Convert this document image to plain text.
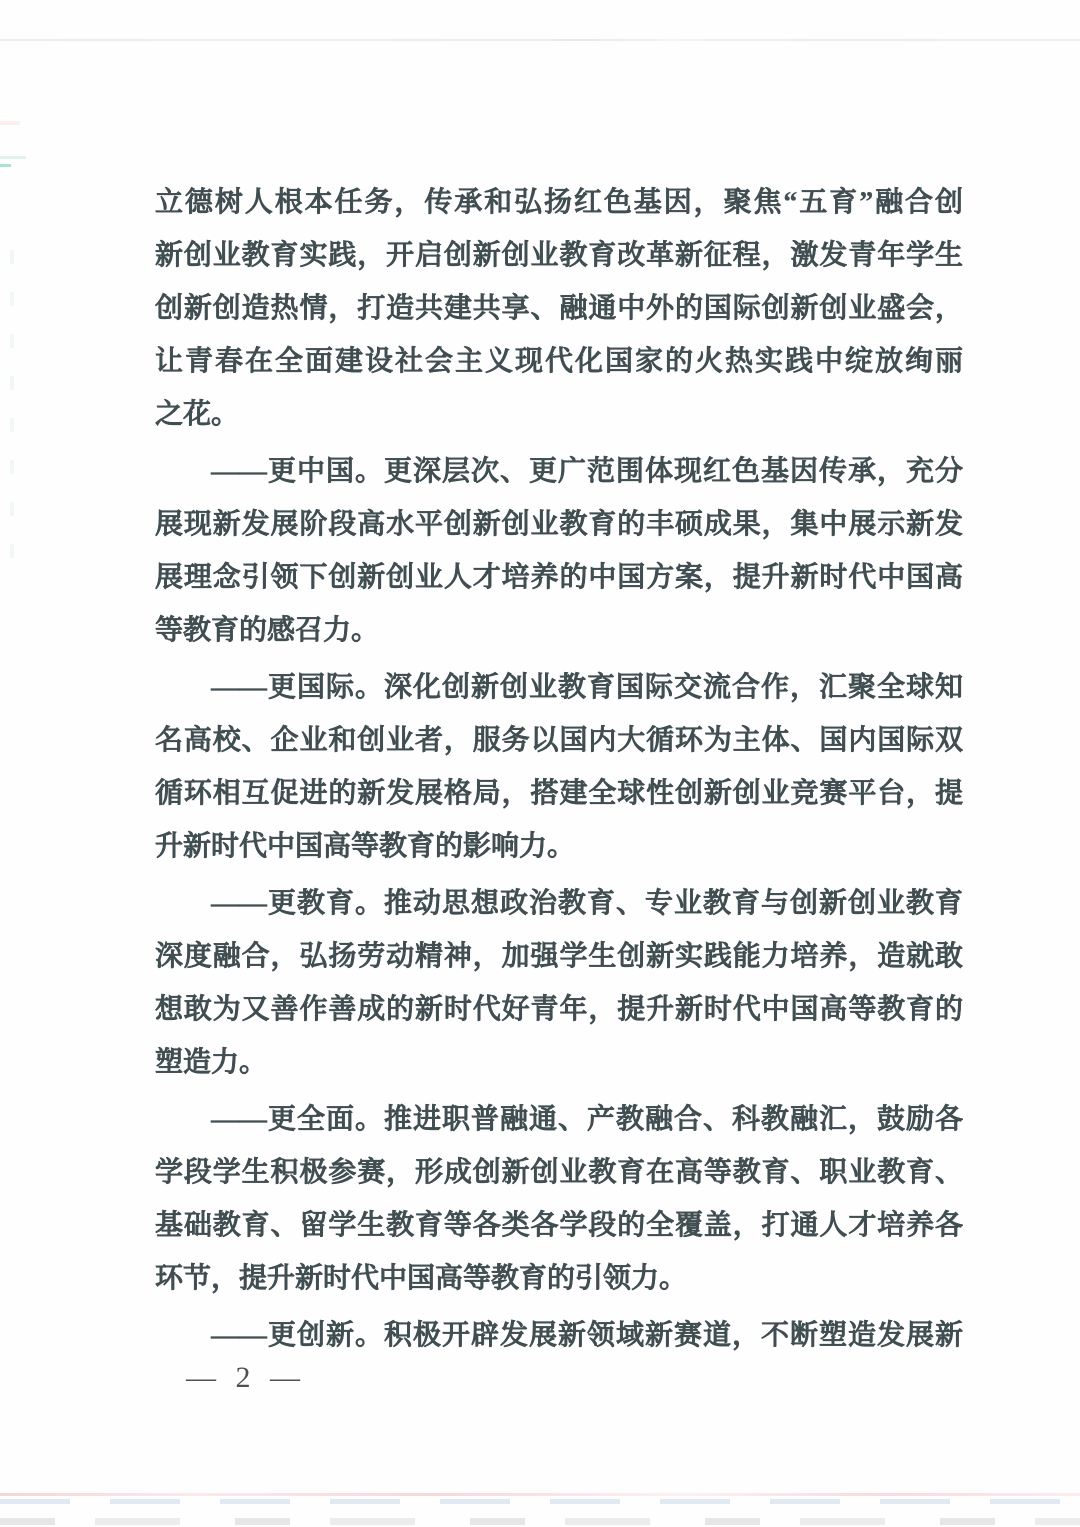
立德树人根本任务，传承和弘扬红色基因，聚焦“五育”融合创
新创业教育实践，开启创新创业教育改革新征程，激发青年学生
创新创造热情，打造共建共享、融通中外的国际创新创业盛会，
让青春在全面建设社会主义现代化国家的火热实践中绽放绚丽
之花。
——更中国。更深层次、更广范围体现红色基因传承，充分
展现新发展阶段高水平创新创业教育的丰硕成果，集中展示新发
展理念引领下创新创业人才培养的中国方案，提升新时代中国高
等教育的感召力。
——更国际。深化创新创业教育国际交流合作，汇聚全球知
名高校、企业和创业者，服务以国内大循环为主体、国内国际双
循环相互促进的新发展格局，搭建全球性创新创业竞赛平台，提
升新时代中国高等教育的影响力。
——更教育。推动思想政治教育、专业教育与创新创业教育
深度融合，弘扬劳动精神，加强学生创新实践能力培养，造就敢
想敢为又善作善成的新时代好青年，提升新时代中国高等教育的
塑造力。
——更全面。推进职普融通、产教融合、科教融汇，鼓励各
学段学生积极参赛，形成创新创业教育在高等教育、职业教育、
基础教育、留学生教育等各类各学段的全覆盖，打通人才培养各
环节，提升新时代中国高等教育的引领力。
——更创新。积极开辟发展新领域新赛道，不断塑造发展新
— 2 —
